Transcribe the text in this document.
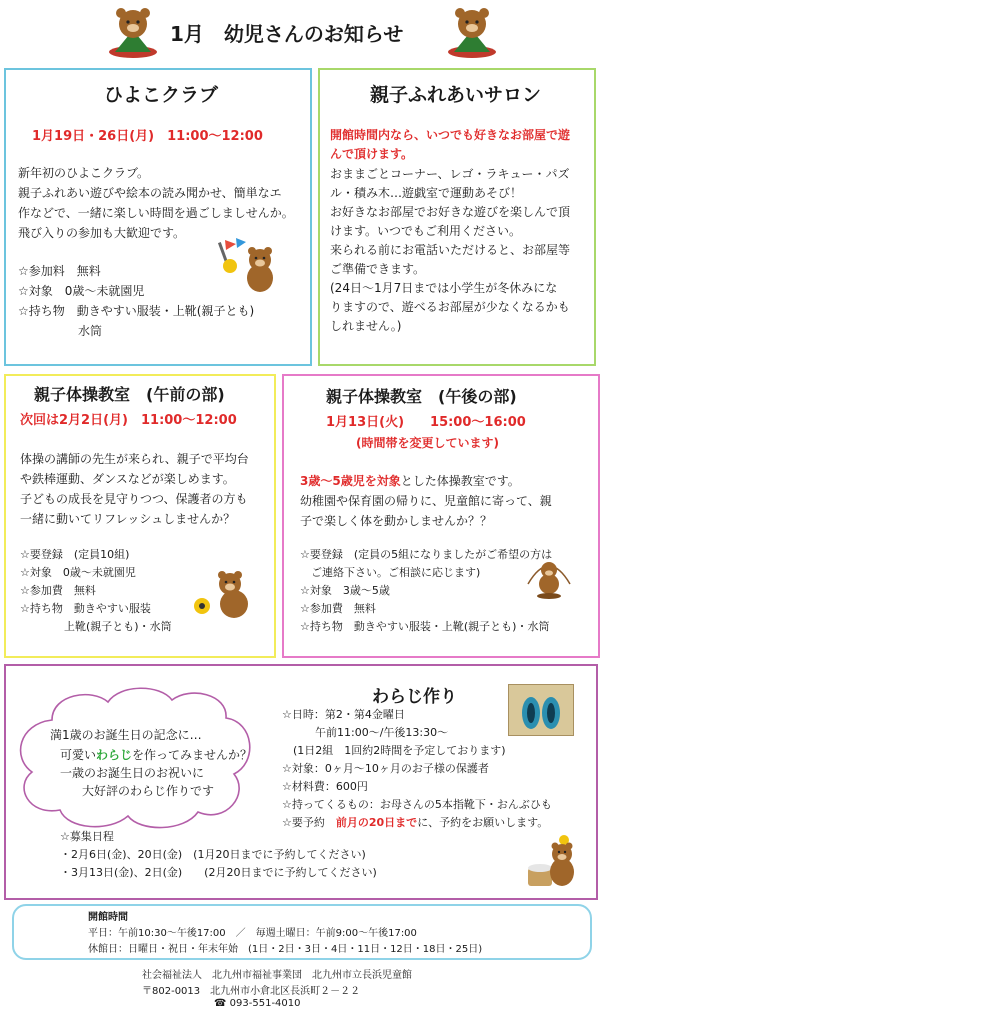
1月　幼児さんのお知らせ
ひよこクラブ
1月19日・26日(月)　11:00～12:00
新年初のひよこクラブ。
親子ふれあい遊びや絵本の読み聞かせ、簡単なエ
作などで、一緒に楽しい時間を過ごしましせんか。
飛び入りの参加も大歓迎です。
☆参加料　無料
☆対象　0歳～未就園児
☆持ち物　動きやすい服装・上靴(親子とも)
　　　　　水筒
親子ふれあいサロン
開館時間内なら、いつでも好きなお部屋で遊
んで頂けます。
おままごとコーナー、レゴ・ラキュー・パズ
ル・積み木…遊戯室で運動あそび！
お好きなお部屋でお好きな遊びを楽しんで頂
けます。いつでもご利用ください。
来られる前にお電話いただけると、お部屋等
ご準備できます。
(24日～1月7日までは小学生が冬休みにな
りますので、遊べるお部屋が少なくなるかも
しれません。)
親子体操教室　(午前の部)
次回は2月2日(月)　11:00～12:00
体操の講師の先生が来られ、親子で平均台
や鉄棒運動、ダンスなどが楽しめます。
子どもの成長を見守りつつ、保護者の方も
一緒に動いてリフレッシュしませんか？
☆要登録　(定員10組)
☆対象　0歳～未就園児
☆参加費　無料
☆持ち物　動きやすい服装
　　　　上靴(親子とも)・水筒
親子体操教室　(午後の部)
1月13日(火)　　15:00～16:00
(時間帯を変更しています)
3歳～5歳児を対象とした体操教室です。
幼稚園や保育園の帰りに、児童館に寄って、親
子で楽しく体を動かしませんか？？
☆要登録　(定員の5組になりましたがご希望の方は
　ご連絡下さい。ご相談に応じます)
☆対象　3歳～5歳
☆参加費　無料
☆持ち物　動きやすい服装・上靴(親子とも)・水筒
満1歳のお誕生日の記念に…
可愛いわらじを作ってみませんか？
一歳のお誕生日のお祝いに
大好評のわらじ作りです
わらじ作り
☆日時：第2・第4金曜日
　　　午前11:00～/午後13:30～
　(1日2組　1回約2時間を予定しております)
☆対象：0ヶ月～10ヶ月のお子様の保護者
☆材料費：600円
☆持ってくるもの：お母さんの5本指靴下・おんぶひも
☆要予約　前月の20日までに、予約をお願いします。
☆募集日程
・2月6日(金)、20日(金)　(1月20日までに予約してください)
・3月13日(金)、2日(金)　　(2月20日までに予約してください)
開館時間
平日：午前10:30～午後17:00　／　毎週土曜日：午前9:00～午後17:00
休館日：日曜日・祝日・年末年始　(1日・2日・3日・4日・11日・12日・18日・25日)
社会福祉法人　北九州市福祉事業団　北九州市立長浜児童館
〒802-0013　北九州市小倉北区長浜町２－２２
☎ 093-551-4010
